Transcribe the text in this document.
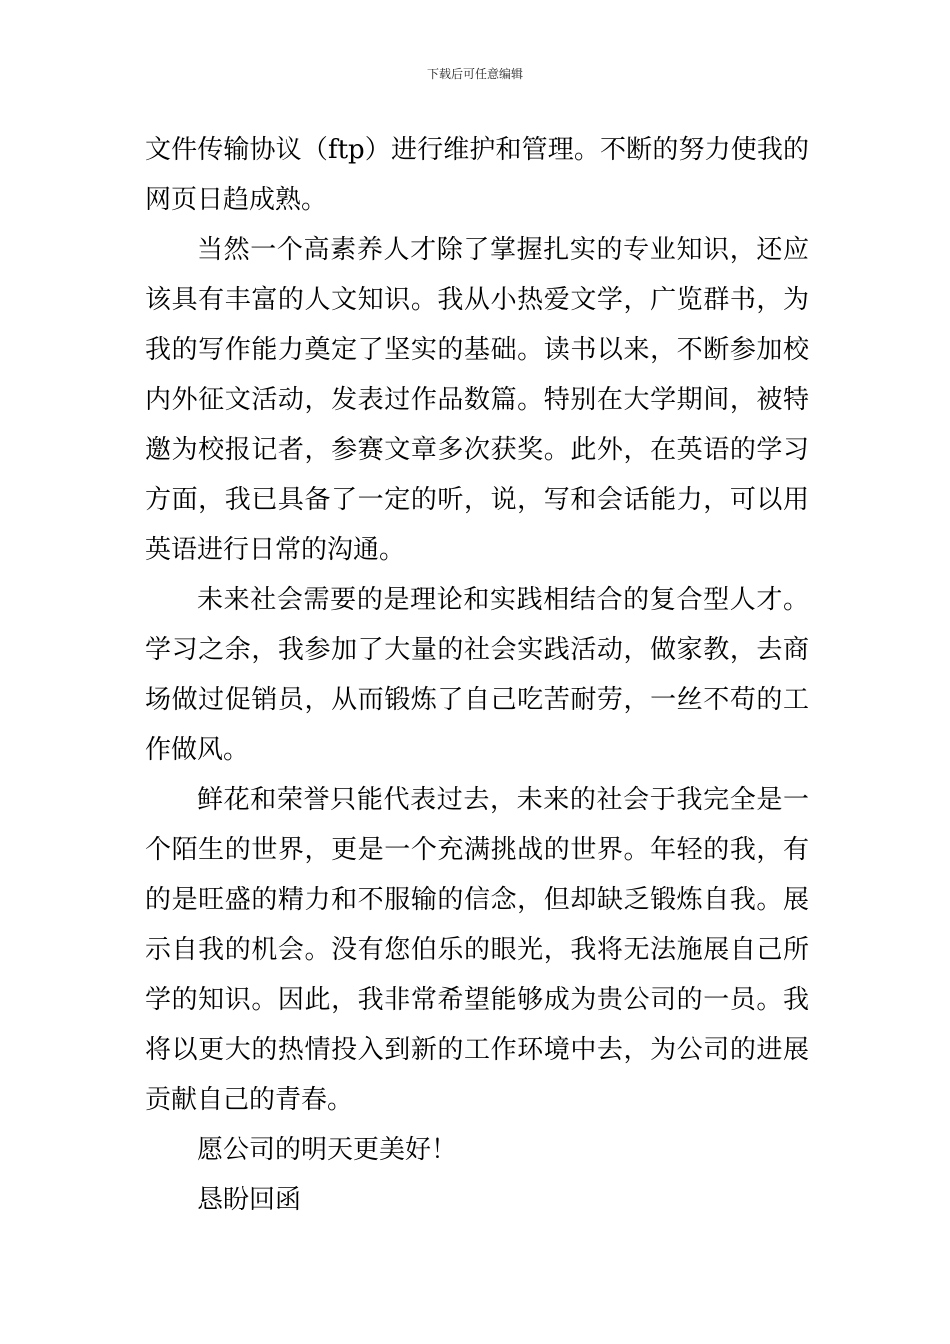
下载后可任意编辑

文件传输协议（ftp）进行维护和管理。不断的努力使我的网页日趋成熟。

当然一个高素养人才除了掌握扎实的专业知识，还应该具有丰富的人文知识。我从小热爱文学，广览群书，为我的写作能力奠定了坚实的基础。读书以来，不断参加校内外征文活动，发表过作品数篇。特别在大学期间，被特邀为校报记者，参赛文章多次获奖。此外，在英语的学习方面，我已具备了一定的听，说，写和会话能力，可以用英语进行日常的沟通。

未来社会需要的是理论和实践相结合的复合型人才。学习之余，我参加了大量的社会实践活动，做家教，去商场做过促销员，从而锻炼了自己吃苦耐劳，一丝不苟的工作做风。

鲜花和荣誉只能代表过去，未来的社会于我完全是一个陌生的世界，更是一个充满挑战的世界。年轻的我，有的是旺盛的精力和不服输的信念，但却缺乏锻炼自我。展示自我的机会。没有您伯乐的眼光，我将无法施展自己所学的知识。因此，我非常希望能够成为贵公司的一员。我将以更大的热情投入到新的工作环境中去，为公司的进展贡献自己的青春。

愿公司的明天更美好！

恳盼回函
